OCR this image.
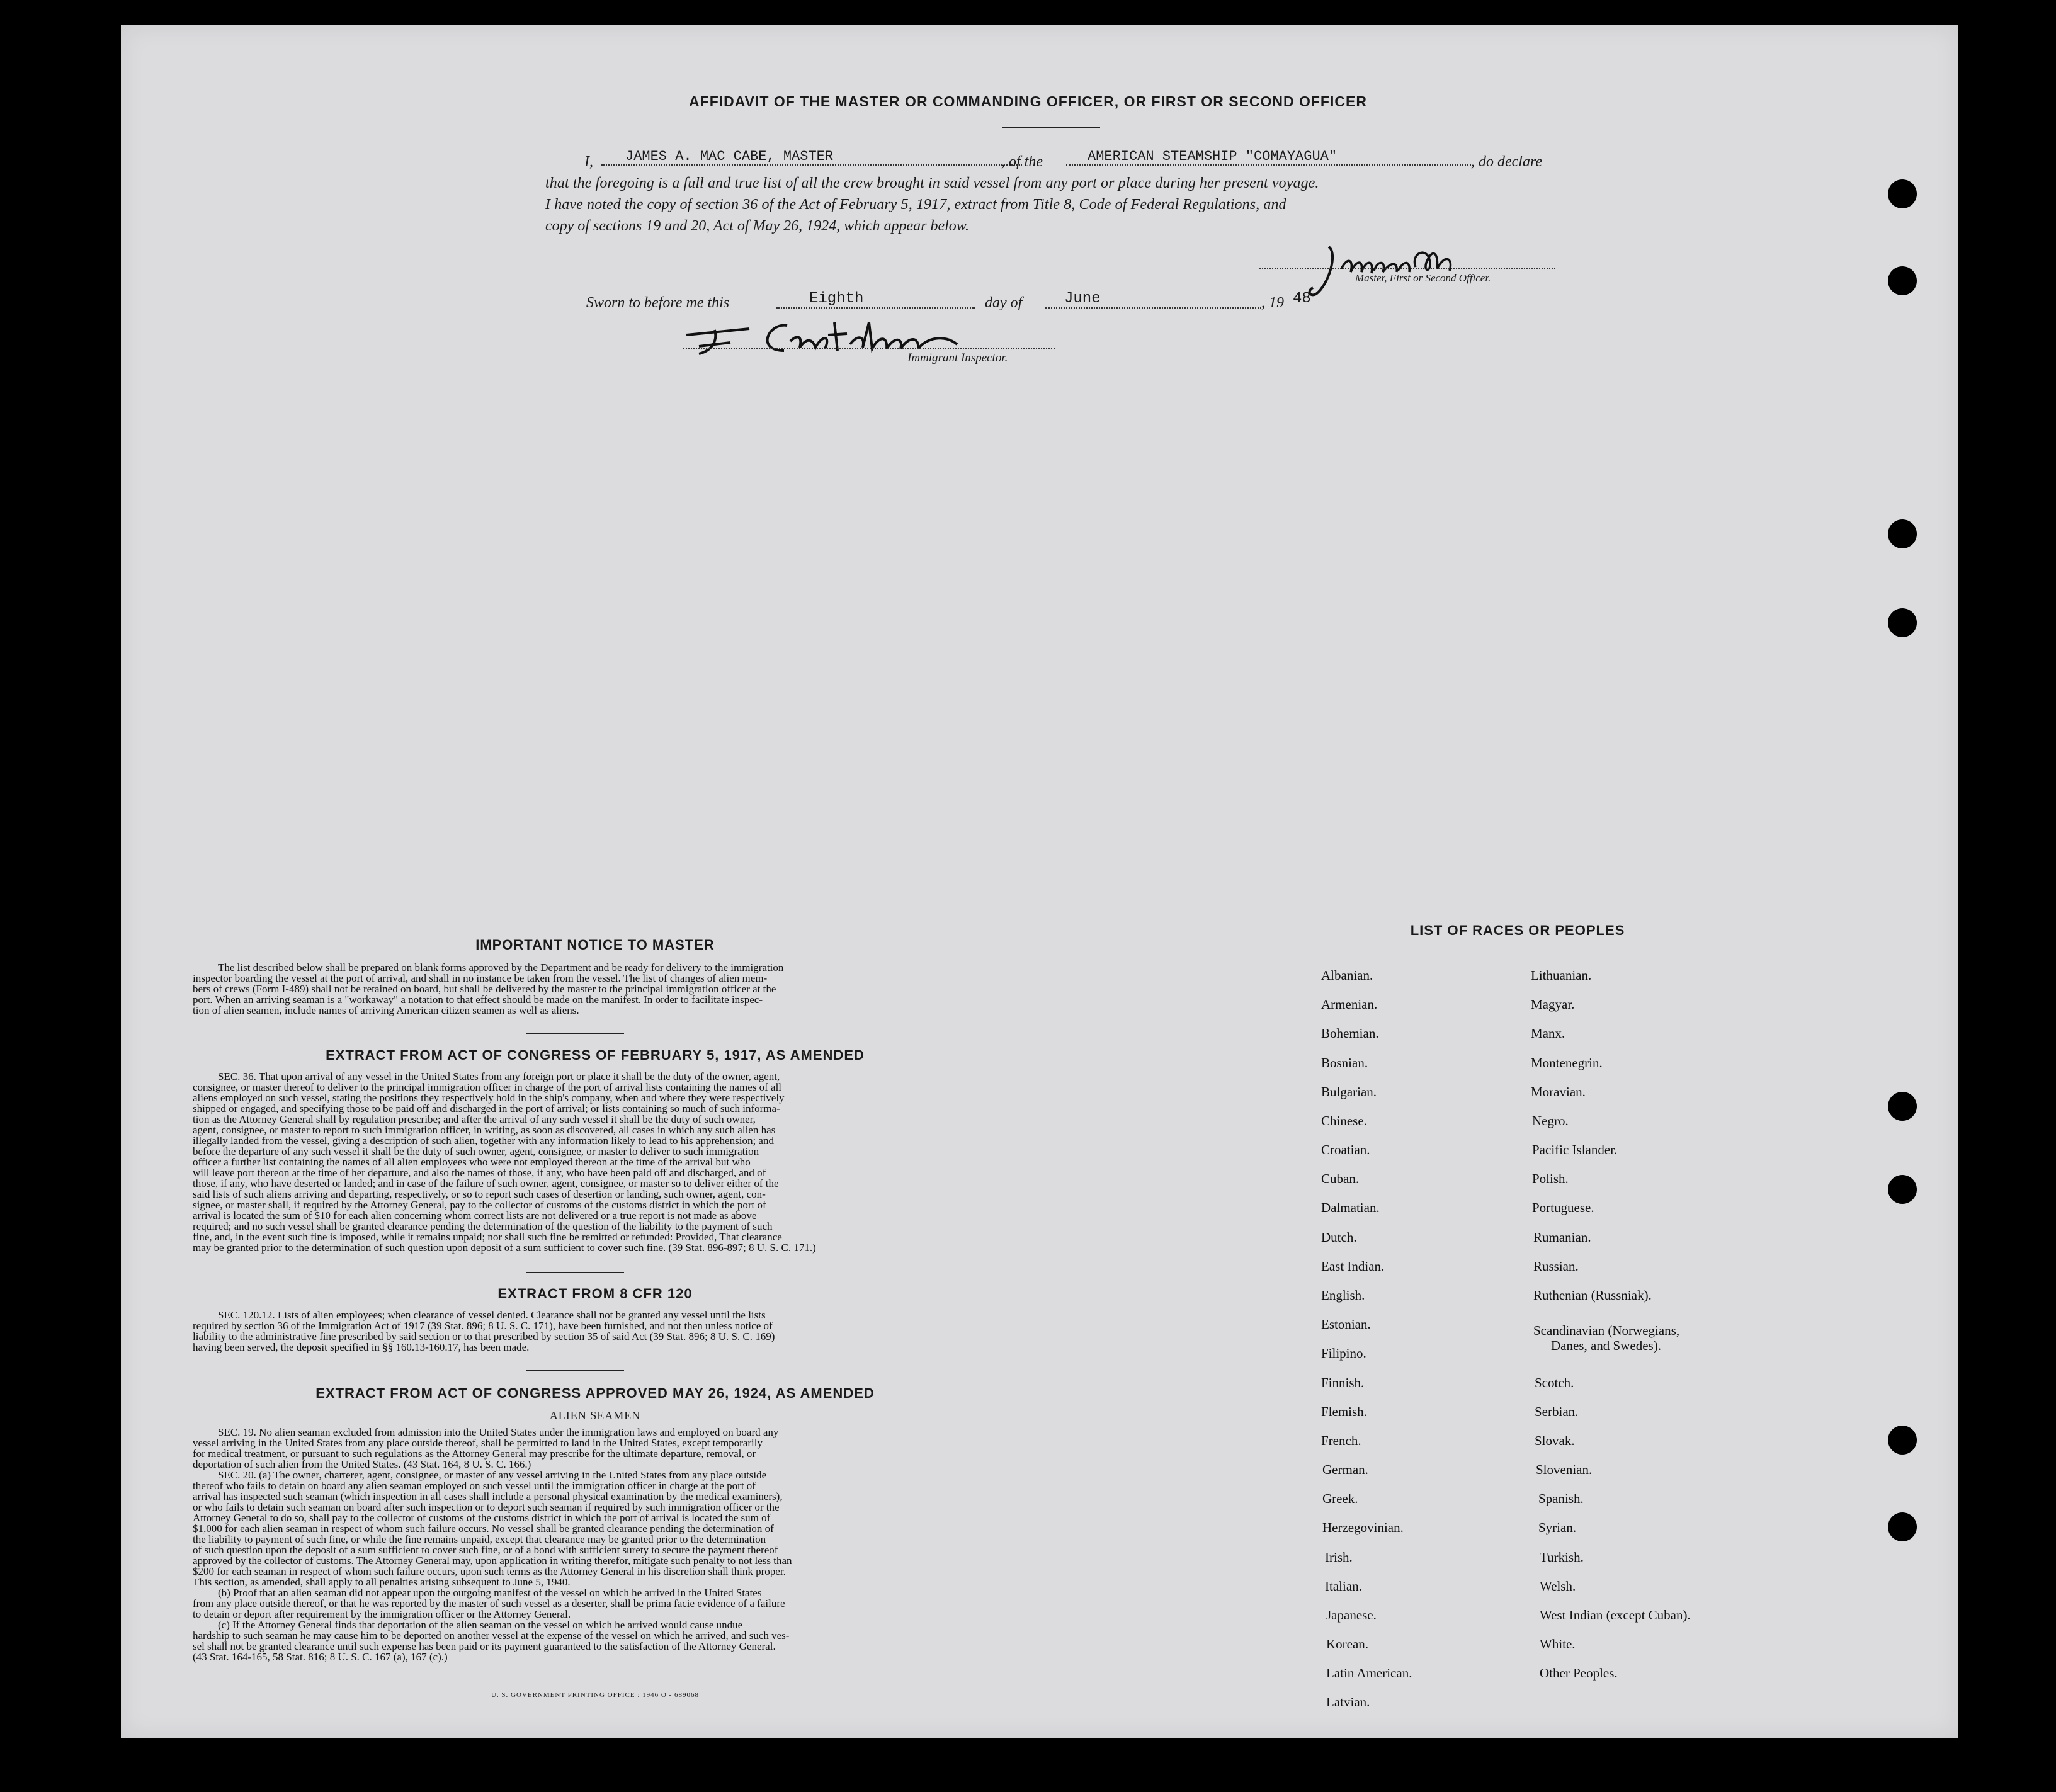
AFFIDAVIT OF THE MASTER OR COMMANDING OFFICER, OR FIRST OR SECOND OFFICER
I,	JAMES A. MAC CABE, MASTER	, of the	AMERICAN STEAMSHIP "COMAYAGUA"	, do declare
that the foregoing is a full and true list of all the crew brought in said vessel from any port or place during her present voyage.
I have noted the copy of section 36 of the Act of February 5, 1917, extract from Title 8, Code of Federal Regulations, and
copy of sections 19 and 20, Act of May 26, 1924, which appear below.
Master, First or Second Officer.
Sworn to before me this	Eighth	day of	June	, 19 48
Immigrant Inspector.
IMPORTANT NOTICE TO MASTER
The list described below shall be prepared on blank forms approved by the Department and be ready for delivery to the immigration
inspector boarding the vessel at the port of arrival, and shall in no instance be taken from the vessel. The list of changes of alien mem-
bers of crews (Form I-489) shall not be retained on board, but shall be delivered by the master to the principal immigration officer at the
port. When an arriving seaman is a "workaway" a notation to that effect should be made on the manifest. In order to facilitate inspec-
tion of alien seamen, include names of arriving American citizen seamen as well as aliens.
EXTRACT FROM ACT OF CONGRESS OF FEBRUARY 5, 1917, AS AMENDED
SEC. 36. That upon arrival of any vessel in the United States from any foreign port or place it shall be the duty of the owner, agent,
consignee, or master thereof to deliver to the principal immigration officer in charge of the port of arrival lists containing the names of all
aliens employed on such vessel, stating the positions they respectively hold in the ship's company, when and where they were respectively
shipped or engaged, and specifying those to be paid off and discharged in the port of arrival; or lists containing so much of such informa-
tion as the Attorney General shall by regulation prescribe; and after the arrival of any such vessel it shall be the duty of such owner,
agent, consignee, or master to report to such immigration officer, in writing, as soon as discovered, all cases in which any such alien has
illegally landed from the vessel, giving a description of such alien, together with any information likely to lead to his apprehension; and
before the departure of any such vessel it shall be the duty of such owner, agent, consignee, or master to deliver to such immigration
officer a further list containing the names of all alien employees who were not employed thereon at the time of the arrival but who
will leave port thereon at the time of her departure, and also the names of those, if any, who have been paid off and discharged, and of
those, if any, who have deserted or landed; and in case of the failure of such owner, agent, consignee, or master so to deliver either of the
said lists of such aliens arriving and departing, respectively, or so to report such cases of desertion or landing, such owner, agent, con-
signee, or master shall, if required by the Attorney General, pay to the collector of customs of the customs district in which the port of
arrival is located the sum of $10 for each alien concerning whom correct lists are not delivered or a true report is not made as above
required; and no such vessel shall be granted clearance pending the determination of the question of the liability to the payment of such
fine, and, in the event such fine is imposed, while it remains unpaid; nor shall such fine be remitted or refunded: Provided, That clearance
may be granted prior to the determination of such question upon deposit of a sum sufficient to cover such fine. (39 Stat. 896-897; 8 U. S. C. 171.)
EXTRACT FROM 8 CFR 120
SEC. 120.12. Lists of alien employees; when clearance of vessel denied. Clearance shall not be granted any vessel until the lists
required by section 36 of the Immigration Act of 1917 (39 Stat. 896; 8 U. S. C. 171), have been furnished, and not then unless notice of
liability to the administrative fine prescribed by said section or to that prescribed by section 35 of said Act (39 Stat. 896; 8 U. S. C. 169)
having been served, the deposit specified in §§ 160.13-160.17, has been made.
EXTRACT FROM ACT OF CONGRESS APPROVED MAY 26, 1924, AS AMENDED
ALIEN SEAMEN
SEC. 19. No alien seaman excluded from admission into the United States under the immigration laws and employed on board any
vessel arriving in the United States from any place outside thereof, shall be permitted to land in the United States, except temporarily
for medical treatment, or pursuant to such regulations as the Attorney General may prescribe for the ultimate departure, removal, or
deportation of such alien from the United States. (43 Stat. 164, 8 U. S. C. 166.)
SEC. 20. (a) The owner, charterer, agent, consignee, or master of any vessel arriving in the United States from any place outside
thereof who fails to detain on board any alien seaman employed on such vessel until the immigration officer in charge at the port of
arrival has inspected such seaman (which inspection in all cases shall include a personal physical examination by the medical examiners),
or who fails to detain such seaman on board after such inspection or to deport such seaman if required by such immigration officer or the
Attorney General to do so, shall pay to the collector of customs of the customs district in which the port of arrival is located the sum of
$1,000 for each alien seaman in respect of whom such failure occurs. No vessel shall be granted clearance pending the determination of
the liability to payment of such fine, or while the fine remains unpaid, except that clearance may be granted prior to the determination
of such question upon the deposit of a sum sufficient to cover such fine, or of a bond with sufficient surety to secure the payment thereof
approved by the collector of customs. The Attorney General may, upon application in writing therefor, mitigate such penalty to not less than
$200 for each seaman in respect of whom such failure occurs, upon such terms as the Attorney General in his discretion shall think proper.
This section, as amended, shall apply to all penalties arising subsequent to June 5, 1940.
(b) Proof that an alien seaman did not appear upon the outgoing manifest of the vessel on which he arrived in the United States
from any place outside thereof, or that he was reported by the master of such vessel as a deserter, shall be prima facie evidence of a failure
to detain or deport after requirement by the immigration officer or the Attorney General.
(c) If the Attorney General finds that deportation of the alien seaman on the vessel on which he arrived would cause undue
hardship to such seaman he may cause him to be deported on another vessel at the expense of the vessel on which he arrived, and such ves-
sel shall not be granted clearance until such expense has been paid or its payment guaranteed to the satisfaction of the Attorney General.
(43 Stat. 164-165, 58 Stat. 816; 8 U. S. C. 167 (a), 167 (c).)
U. S. GOVERNMENT PRINTING OFFICE : 1946 O - 689068
LIST OF RACES OR PEOPLES
Albanian.
Armenian.
Bohemian.
Bosnian.
Bulgarian.
Chinese.
Croatian.
Cuban.
Dalmatian.
Dutch.
East Indian.
English.
Estonian.
Filipino.
Finnish.
Flemish.
French.
German.
Greek.
Herzegovinian.
Irish.
Italian.
Japanese.
Korean.
Latin American.
Latvian.
Lithuanian.
Magyar.
Manx.
Montenegrin.
Moravian.
Negro.
Pacific Islander.
Polish.
Portuguese.
Rumanian.
Russian.
Ruthenian (Russniak).
Scandinavian (Norwegians,
Danes, and Swedes).
Scotch.
Serbian.
Slovak.
Slovenian.
Spanish.
Syrian.
Turkish.
Welsh.
West Indian (except Cuban).
White.
Other Peoples.
